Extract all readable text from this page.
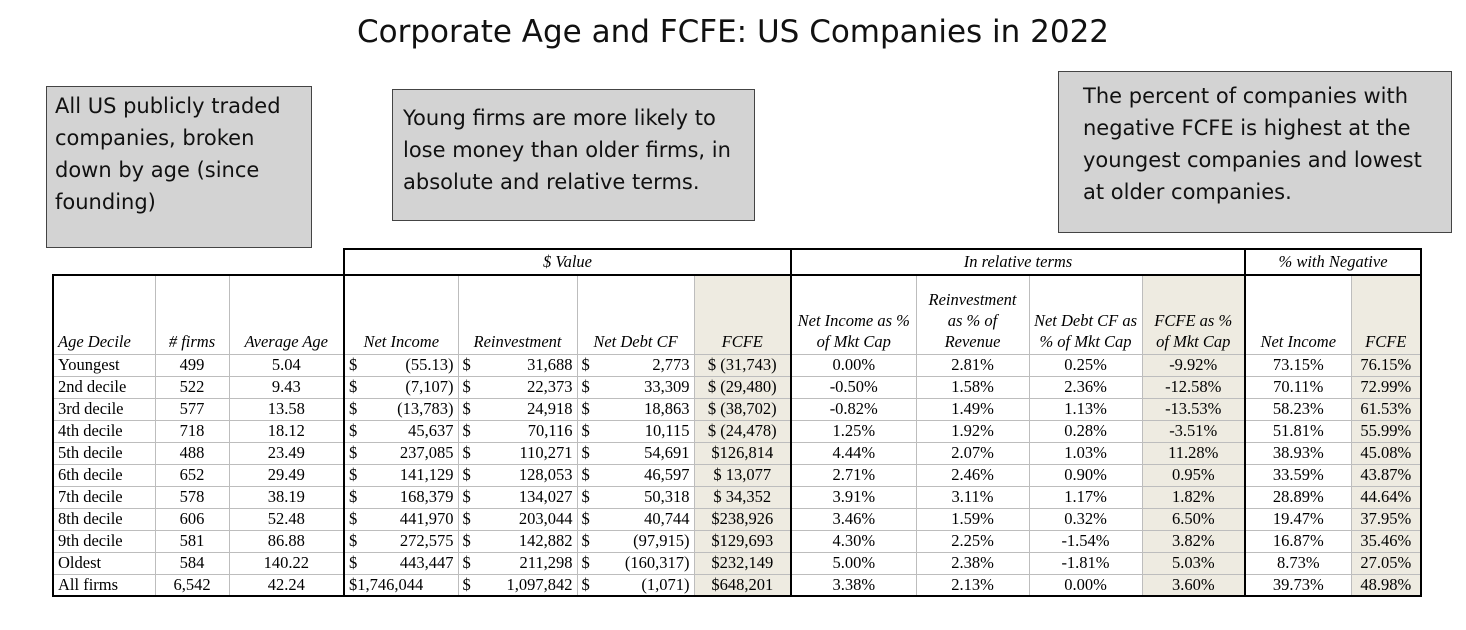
Corporate Age and FCFE: US Companies in 2022
All US publicly traded companies, broken down by age (since founding)
Young firms are more likely to lose money than older firms, in absolute and relative terms.
The percent of companies with negative FCFE is highest at the youngest companies and lowest at older companies.
			$ Value				In relative terms				% with Negative	
Age Decile	# firms	Average Age	Net Income	Reinvestment	Net Debt CF	FCFE	Net Income as % of Mkt Cap	Reinvestment as % of Revenue	Net Debt CF as % of Mkt Cap	FCFE as % of Mkt Cap	Net Income	FCFE
Youngest	499	5.04	$ (55.13)	$ 31,688	$ 2,773	$ (31,743)	0.00%	2.81%	0.25%	-9.92%	73.15%	76.15%
2nd decile	522	9.43	$ (7,107)	$ 22,373	$ 33,309	$ (29,480)	-0.50%	1.58%	2.36%	-12.58%	70.11%	72.99%
3rd decile	577	13.58	$ (13,783)	$ 24,918	$ 18,863	$ (38,702)	-0.82%	1.49%	1.13%	-13.53%	58.23%	61.53%
4th decile	718	18.12	$ 45,637	$ 70,116	$ 10,115	$ (24,478)	1.25%	1.92%	0.28%	-3.51%	51.81%	55.99%
5th decile	488	23.49	$ 237,085	$ 110,271	$ 54,691	$126,814	4.44%	2.07%	1.03%	11.28%	38.93%	45.08%
6th decile	652	29.49	$ 141,129	$ 128,053	$ 46,597	$ 13,077	2.71%	2.46%	0.90%	0.95%	33.59%	43.87%
7th decile	578	38.19	$ 168,379	$ 134,027	$ 50,318	$ 34,352	3.91%	3.11%	1.17%	1.82%	28.89%	44.64%
8th decile	606	52.48	$ 441,970	$ 203,044	$ 40,744	$238,926	3.46%	1.59%	0.32%	6.50%	19.47%	37.95%
9th decile	581	86.88	$ 272,575	$ 142,882	$ (97,915)	$129,693	4.30%	2.25%	-1.54%	3.82%	16.87%	35.46%
Oldest	584	140.22	$ 443,447	$ 211,298	$ (160,317)	$232,149	5.00%	2.38%	-1.81%	5.03%	8.73%	27.05%
All firms	6,542	42.24	$1,746,044	$ 1,097,842	$ (1,071)	$648,201	3.38%	2.13%	0.00%	3.60%	39.73%	48.98%
